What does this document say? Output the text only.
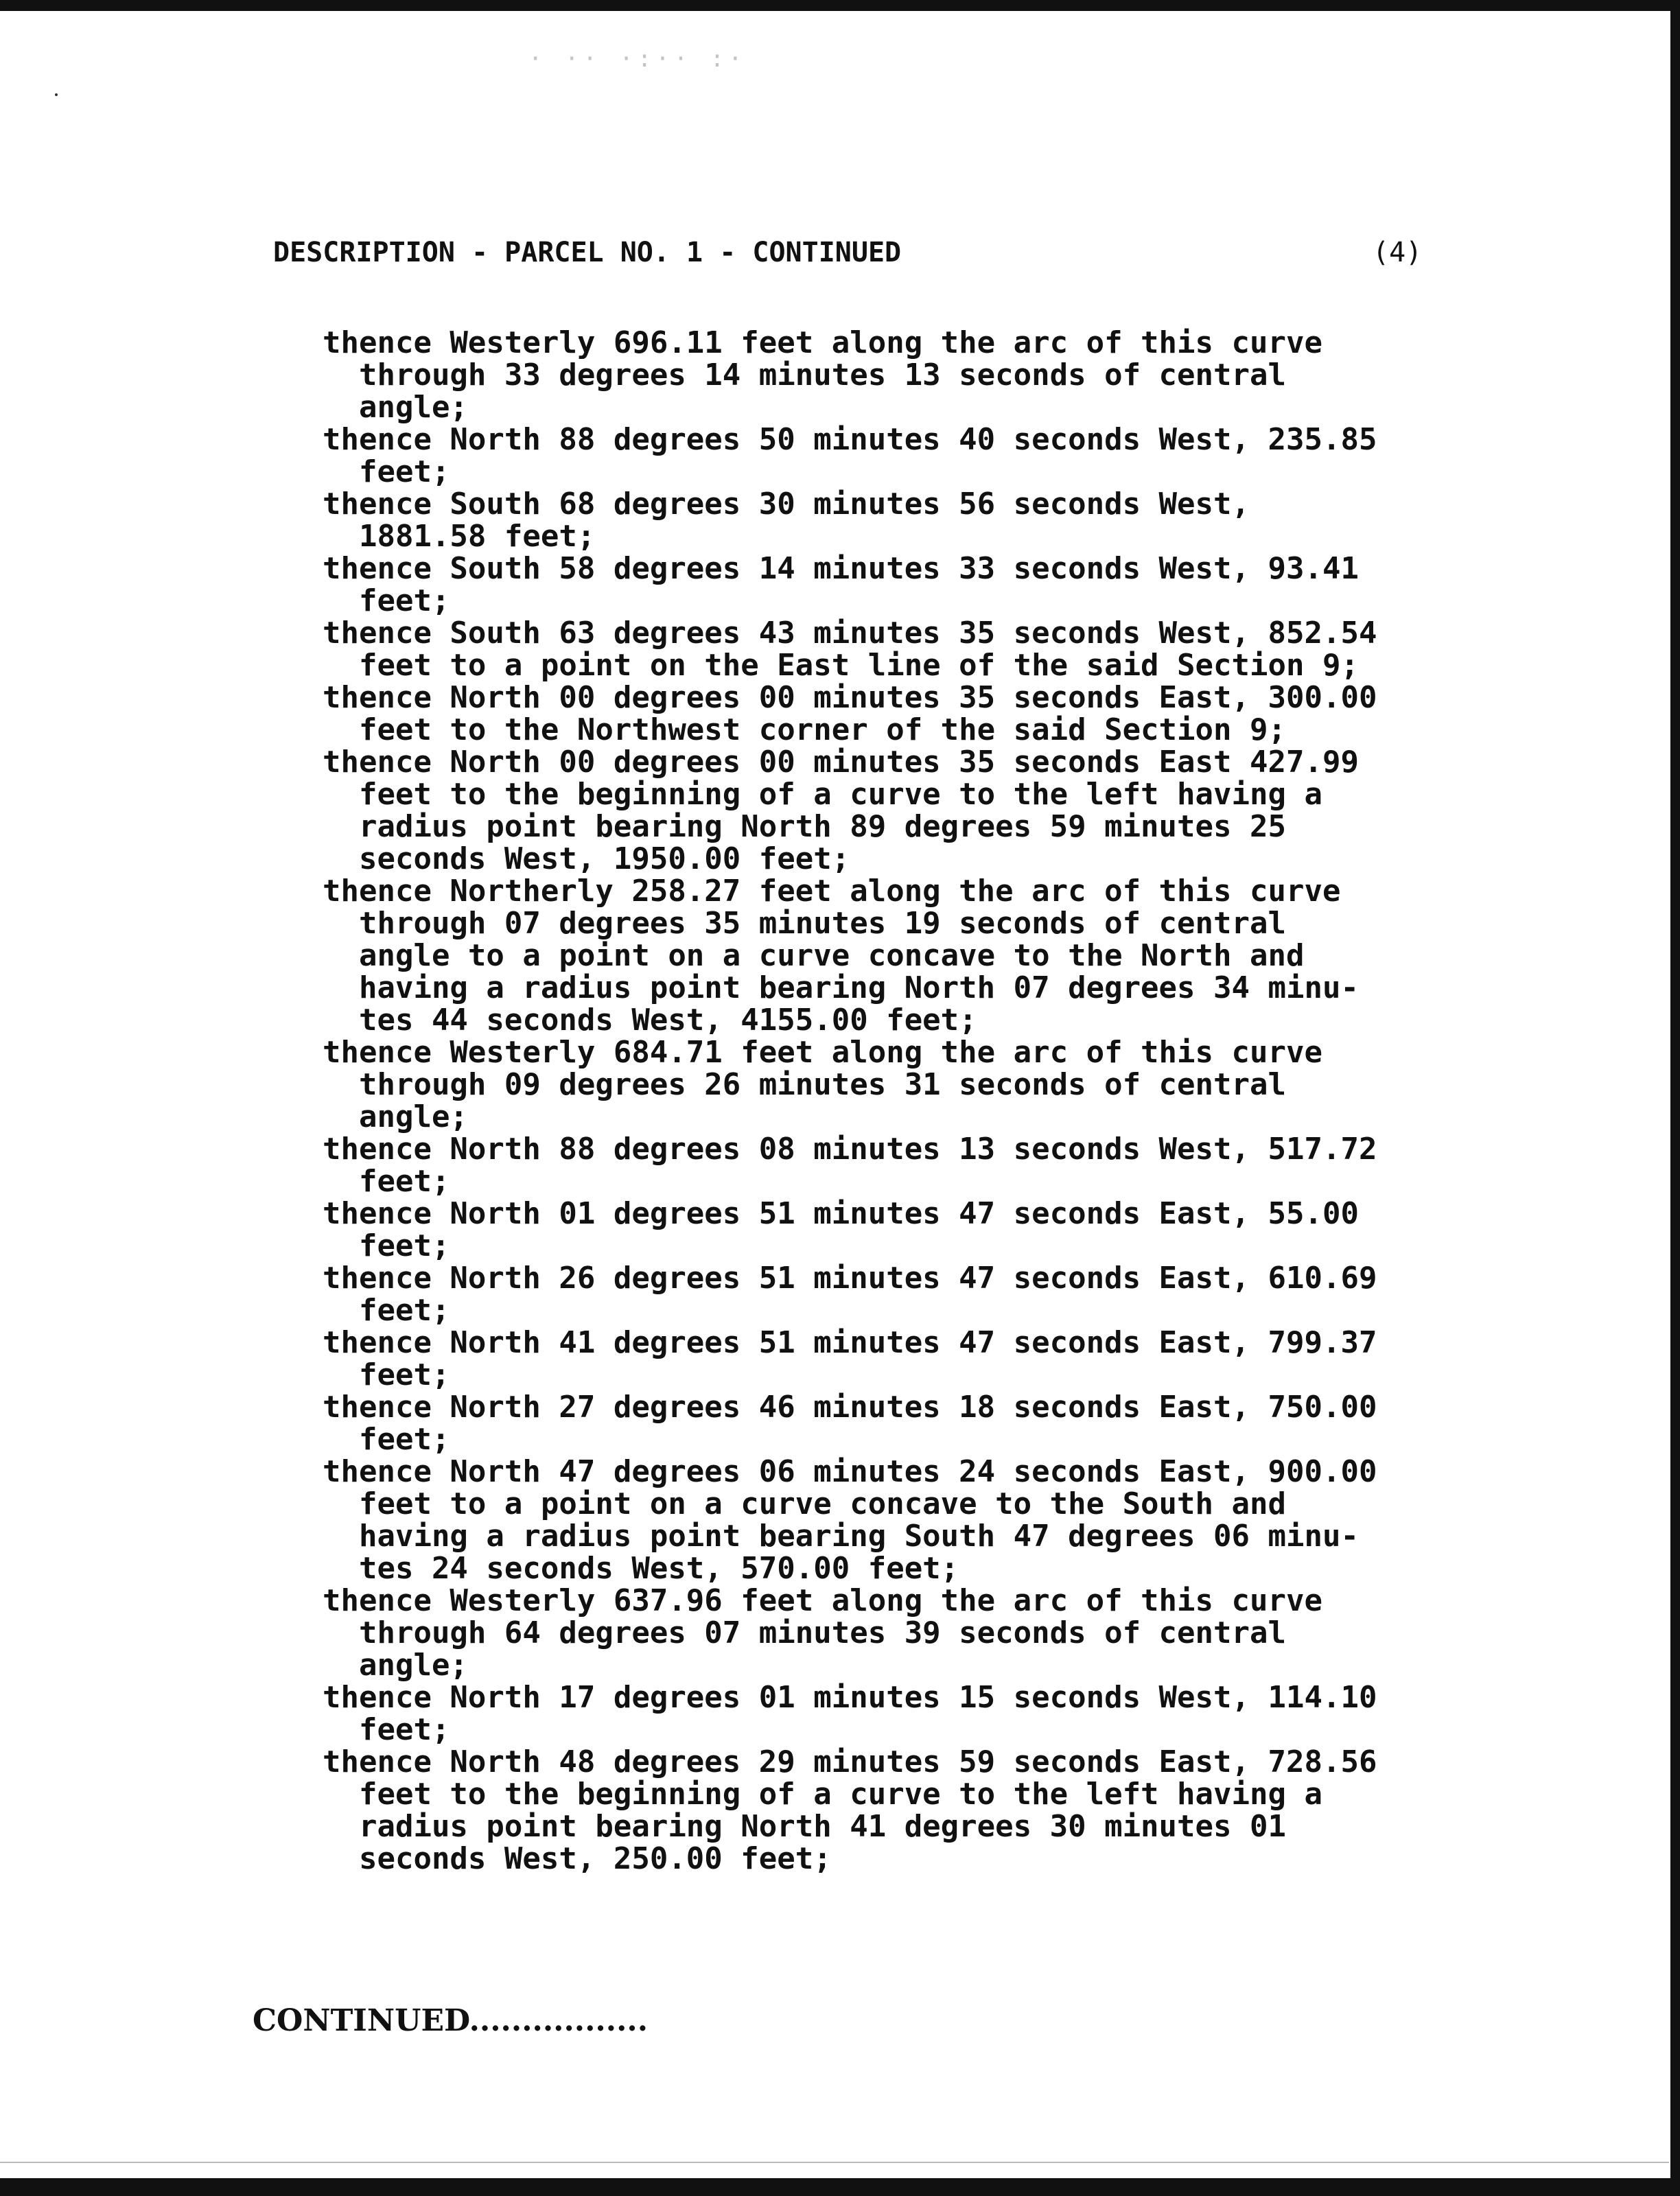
· ·· ·:·· :·
DESCRIPTION - PARCEL NO. 1 - CONTINUED	(4)
thence Westerly 696.11 feet along the arc of this curve
through 33 degrees 14 minutes 13 seconds of central
angle;
thence North 88 degrees 50 minutes 40 seconds West, 235.85
feet;
thence South 68 degrees 30 minutes 56 seconds West,
1881.58 feet;
thence South 58 degrees 14 minutes 33 seconds West, 93.41
feet;
thence South 63 degrees 43 minutes 35 seconds West, 852.54
feet to a point on the East line of the said Section 9;
thence North 00 degrees 00 minutes 35 seconds East, 300.00
feet to the Northwest corner of the said Section 9;
thence North 00 degrees 00 minutes 35 seconds East 427.99
feet to the beginning of a curve to the left having a
radius point bearing North 89 degrees 59 minutes 25
seconds West, 1950.00 feet;
thence Northerly 258.27 feet along the arc of this curve
through 07 degrees 35 minutes 19 seconds of central
angle to a point on a curve concave to the North and
having a radius point bearing North 07 degrees 34 minu-
tes 44 seconds West, 4155.00 feet;
thence Westerly 684.71 feet along the arc of this curve
through 09 degrees 26 minutes 31 seconds of central
angle;
thence North 88 degrees 08 minutes 13 seconds West, 517.72
feet;
thence North 01 degrees 51 minutes 47 seconds East, 55.00
feet;
thence North 26 degrees 51 minutes 47 seconds East, 610.69
feet;
thence North 41 degrees 51 minutes 47 seconds East, 799.37
feet;
thence North 27 degrees 46 minutes 18 seconds East, 750.00
feet;
thence North 47 degrees 06 minutes 24 seconds East, 900.00
feet to a point on a curve concave to the South and
having a radius point bearing South 47 degrees 06 minu-
tes 24 seconds West, 570.00 feet;
thence Westerly 637.96 feet along the arc of this curve
through 64 degrees 07 minutes 39 seconds of central
angle;
thence North 17 degrees 01 minutes 15 seconds West, 114.10
feet;
thence North 48 degrees 29 minutes 59 seconds East, 728.56
feet to the beginning of a curve to the left having a
radius point bearing North 41 degrees 30 minutes 01
seconds West, 250.00 feet;
CONTINUED.................
